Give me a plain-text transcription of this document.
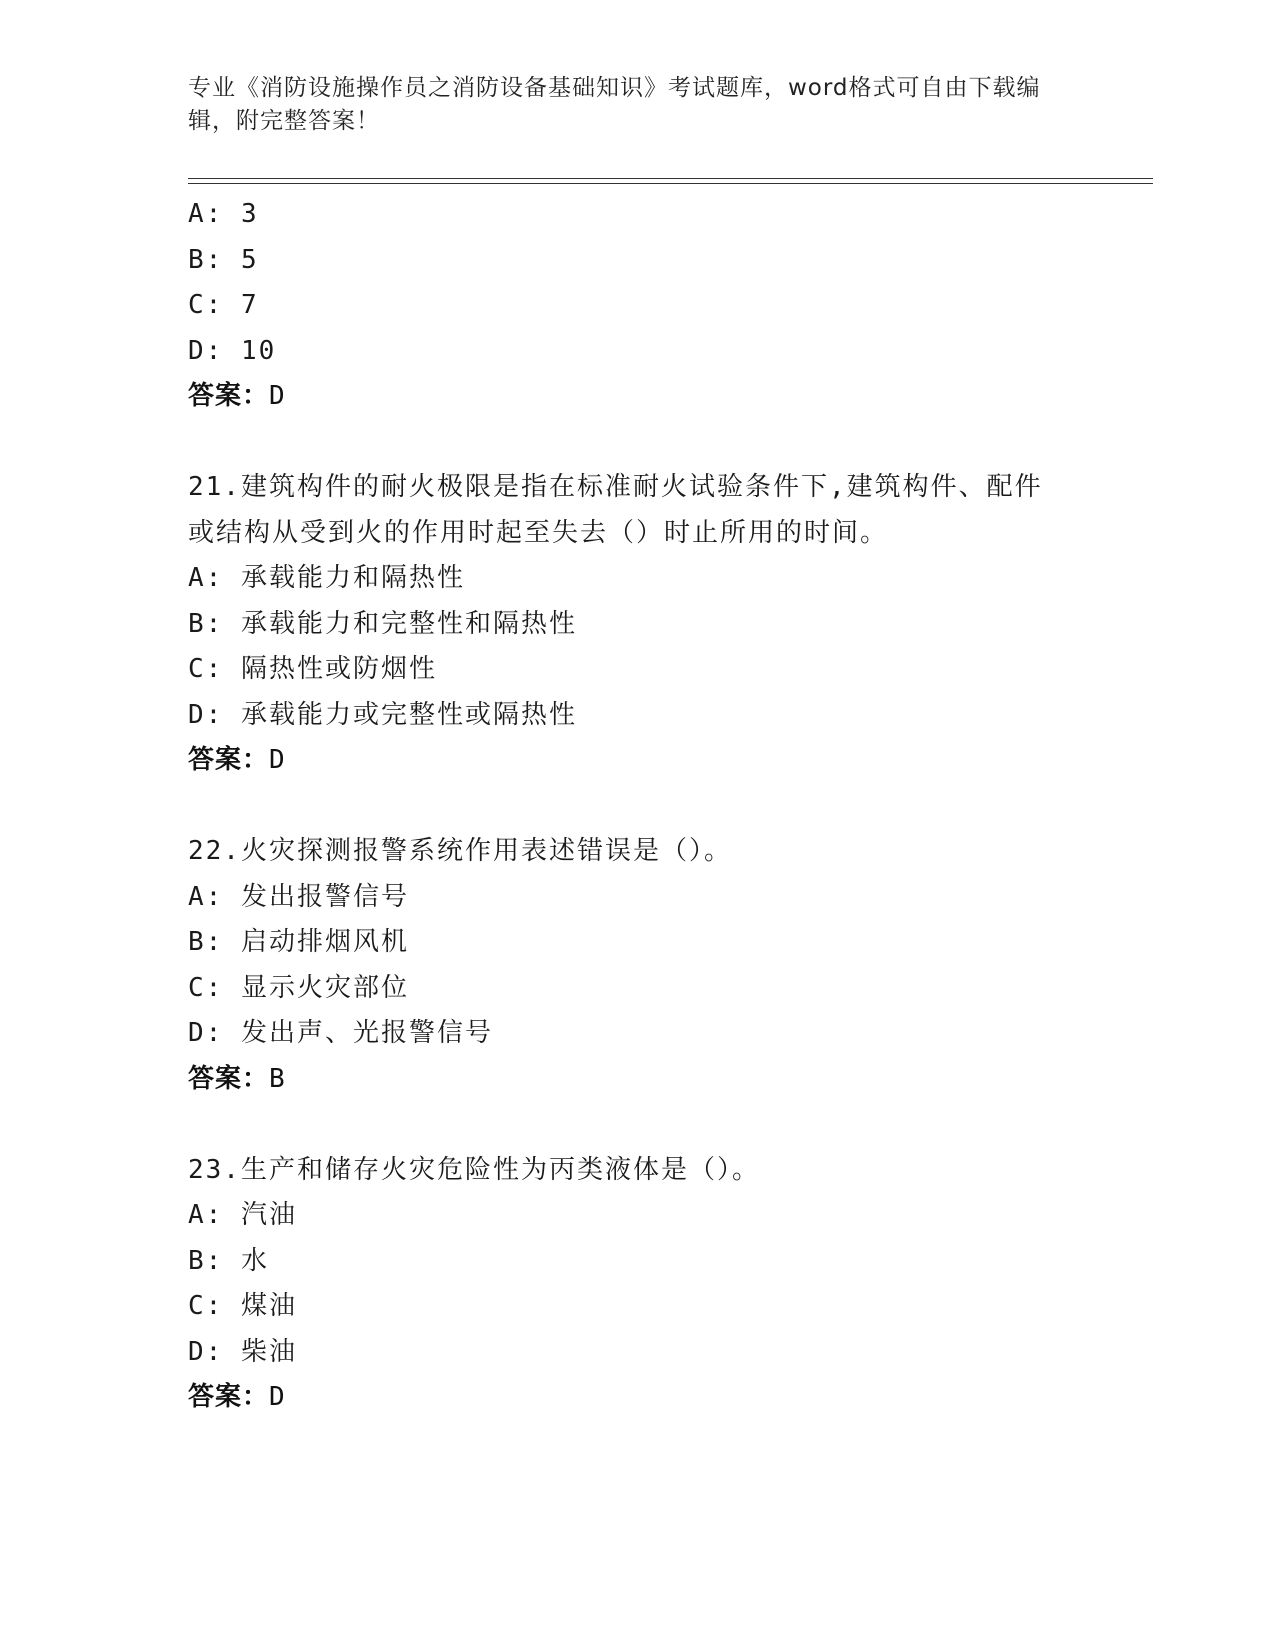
专业《消防设施操作员之消防设备基础知识》考试题库，word格式可自由下载编辑，附完整答案！
A: 3
B: 5
C: 7
D: 10
答案：D
21.建筑构件的耐火极限是指在标准耐火试验条件下,建筑构件、配件或结构从受到火的作用时起至失去（）时止所用的时间。
A: 承载能力和隔热性
B: 承载能力和完整性和隔热性
C: 隔热性或防烟性
D: 承载能力或完整性或隔热性
答案：D
22.火灾探测报警系统作用表述错误是（）。
A: 发出报警信号
B: 启动排烟风机
C: 显示火灾部位
D: 发出声、光报警信号
答案：B
23.生产和储存火灾危险性为丙类液体是（）。
A: 汽油
B: 水
C: 煤油
D: 柴油
答案：D
